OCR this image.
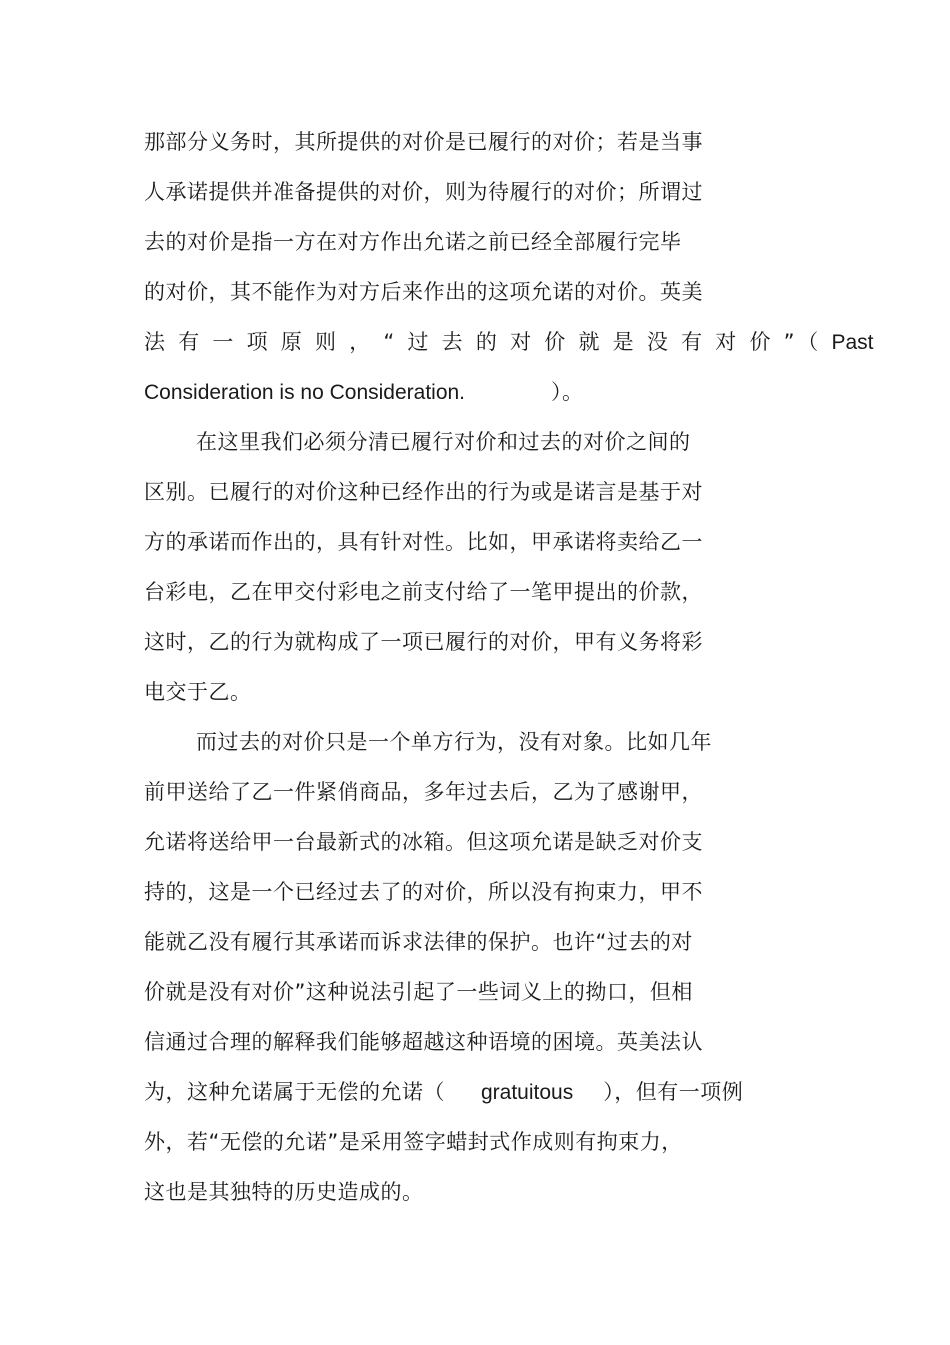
那部分义务时，其所提供的对价是已履行的对价；若是当事
人承诺提供并准备提供的对价，则为待履行的对价；所谓过
去的对价是指一方在对方作出允诺之前已经全部履行完毕
的对价，其不能作为对方后来作出的这项允诺的对价。英美
法有一项原则，“过去的对价就是没有对价”（Past
Consideration is no Consideration.	）。
在这里我们必须分清已履行对价和过去的对价之间的
区别。已履行的对价这种已经作出的行为或是诺言是基于对
方的承诺而作出的，具有针对性。比如，甲承诺将卖给乙一
台彩电，乙在甲交付彩电之前支付给了一笔甲提出的价款，
这时，乙的行为就构成了一项已履行的对价，甲有义务将彩
电交于乙。
而过去的对价只是一个单方行为，没有对象。比如几年
前甲送给了乙一件紧俏商品，多年过去后，乙为了感谢甲，
允诺将送给甲一台最新式的冰箱。但这项允诺是缺乏对价支
持的，这是一个已经过去了的对价，所以没有拘束力，甲不
能就乙没有履行其承诺而诉求法律的保护。也许“过去的对
价就是没有对价”这种说法引起了一些词义上的拗口，但相
信通过合理的解释我们能够超越这种语境的困境。英美法认
为，这种允诺属于无偿的允诺（ gratuitous ），但有一项例
外，若“无偿的允诺”是采用签字蜡封式作成则有拘束力，
这也是其独特的历史造成的。
